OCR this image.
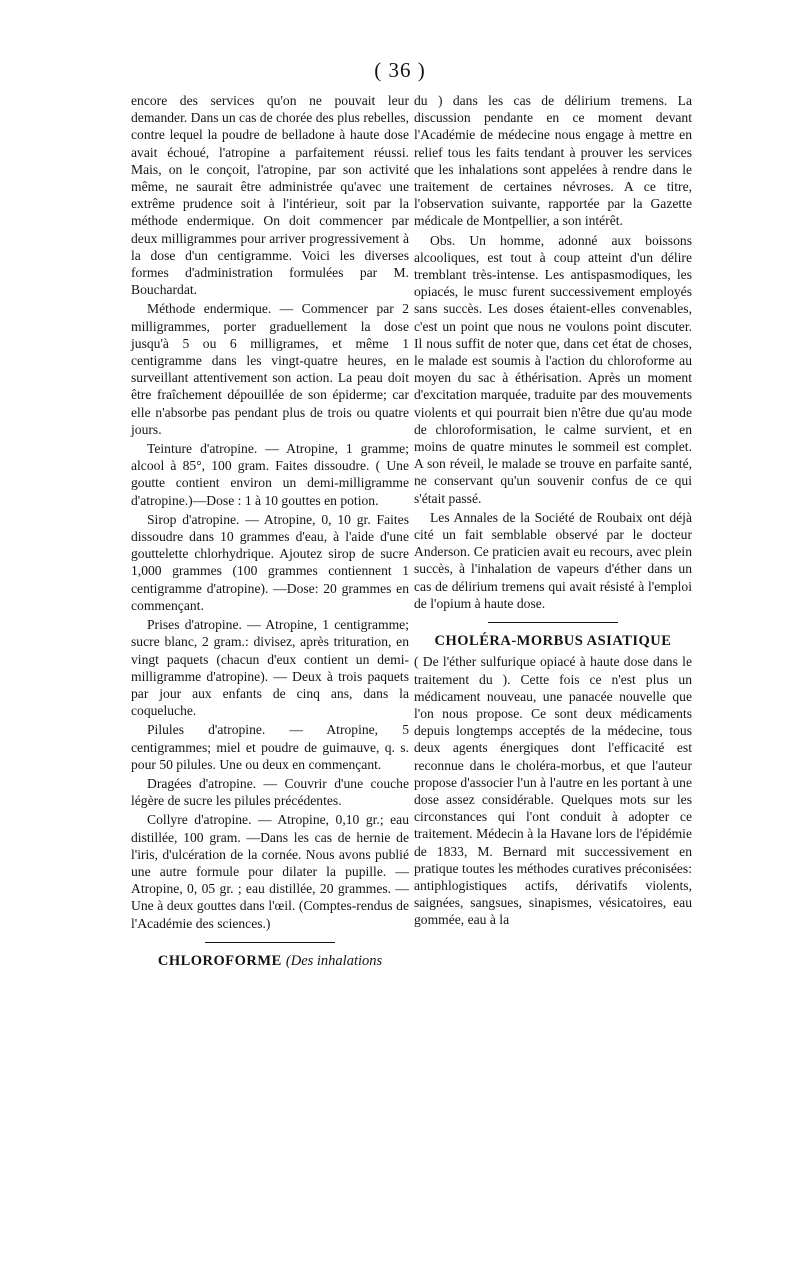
( 36 )

encore des services qu'on ne pouvait leur demander. Dans un cas de chorée des plus rebelles, contre lequel la poudre de belladone à haute dose avait échoué, l'atropine a parfaitement réussi. Mais, on le conçoit, l'atropine, par son activité même, ne saurait être administrée qu'avec une extrême prudence soit à l'intérieur, soit par la méthode endermique. On doit commencer par deux milligrammes pour arriver progressivement à la dose d'un centigramme. Voici les diverses formes d'administration formulées par M. Bouchardat.

Méthode endermique. — Commencer par 2 milligrammes, porter graduellement la dose jusqu'à 5 ou 6 milligrames, et même 1 centigramme dans les vingt-quatre heures, en surveillant attentivement son action. La peau doit être fraîchement dépouillée de son épiderme; car elle n'absorbe pas pendant plus de trois ou quatre jours.

Teinture d'atropine. — Atropine, 1 gramme; alcool à 85°, 100 gram. Faites dissoudre. ( Une goutte contient environ un demi-milligramme d'atropine.)—Dose : 1 à 10 gouttes en potion.

Sirop d'atropine. — Atropine, 0, 10 gr. Faites dissoudre dans 10 grammes d'eau, à l'aide d'une gouttelette chlorhydrique. Ajoutez sirop de sucre 1,000 grammes (100 grammes contiennent 1 centigramme d'atropine). —Dose: 20 grammes en commençant.

Prises d'atropine. — Atropine, 1 centigramme; sucre blanc, 2 gram.: divisez, après trituration, en vingt paquets (chacun d'eux contient un demi-milligramme d'atropine). — Deux à trois paquets par jour aux enfants de cinq ans, dans la coqueluche.

Pilules d'atropine. — Atropine, 5 centigrammes; miel et poudre de guimauve, q. s. pour 50 pilules. Une ou deux en commençant.

Dragées d'atropine. — Couvrir d'une couche légère de sucre les pilules précédentes.

Collyre d'atropine. — Atropine, 0,10 gr.; eau distillée, 100 gram. —Dans les cas de hernie de l'iris, d'ulcération de la cornée. Nous avons publié une autre formule pour dilater la pupille. — Atropine, 0, 05 gr. ; eau distillée, 20 grammes. — Une à deux gouttes dans l'œil. (Comptes-rendus de l'Académie des sciences.)

CHLOROFORME (Des inhalations

du ) dans les cas de délirium tremens. La discussion pendante en ce moment devant l'Académie de médecine nous engage à mettre en relief tous les faits tendant à prouver les services que les inhalations sont appelées à rendre dans le traitement de certaines névroses. A ce titre, l'observation suivante, rapportée par la Gazette médicale de Montpellier, a son intérêt.

Obs. Un homme, adonné aux boissons alcooliques, est tout à coup atteint d'un délire tremblant très-intense. Les antispasmodiques, les opiacés, le musc furent successivement employés sans succès. Les doses étaient-elles convenables, c'est un point que nous ne voulons point discuter. Il nous suffit de noter que, dans cet état de choses, le malade est soumis à l'action du chloroforme au moyen du sac à éthérisation. Après un moment d'excitation marquée, traduite par des mouvements violents et qui pourrait bien n'être due qu'au mode de chloroformisation, le calme survient, et en moins de quatre minutes le sommeil est complet. A son réveil, le malade se trouve en parfaite santé, ne conservant qu'un souvenir confus de ce qui s'était passé.

Les Annales de la Société de Roubaix ont déjà cité un fait semblable observé par le docteur Anderson. Ce praticien avait eu recours, avec plein succès, à l'inhalation de vapeurs d'éther dans un cas de délirium tremens qui avait résisté à l'emploi de l'opium à haute dose.

CHOLÉRA-MORBUS ASIATIQUE

( De l'éther sulfurique opiacé à haute dose dans le traitement du ). Cette fois ce n'est plus un médicament nouveau, une panacée nouvelle que l'on nous propose. Ce sont deux médicaments depuis longtemps acceptés de la médecine, tous deux agents énergiques dont l'efficacité est reconnue dans le choléra-morbus, et que l'auteur propose d'associer l'un à l'autre en les portant à une dose assez considérable. Quelques mots sur les circonstances qui l'ont conduit à adopter ce traitement. Médecin à la Havane lors de l'épidémie de 1833, M. Bernard mit successivement en pratique toutes les méthodes curatives préconisées: antiphlogistiques actifs, dérivatifs violents, saignées, sangsues, sinapismes, vésicatoires, eau gommée, eau à la
